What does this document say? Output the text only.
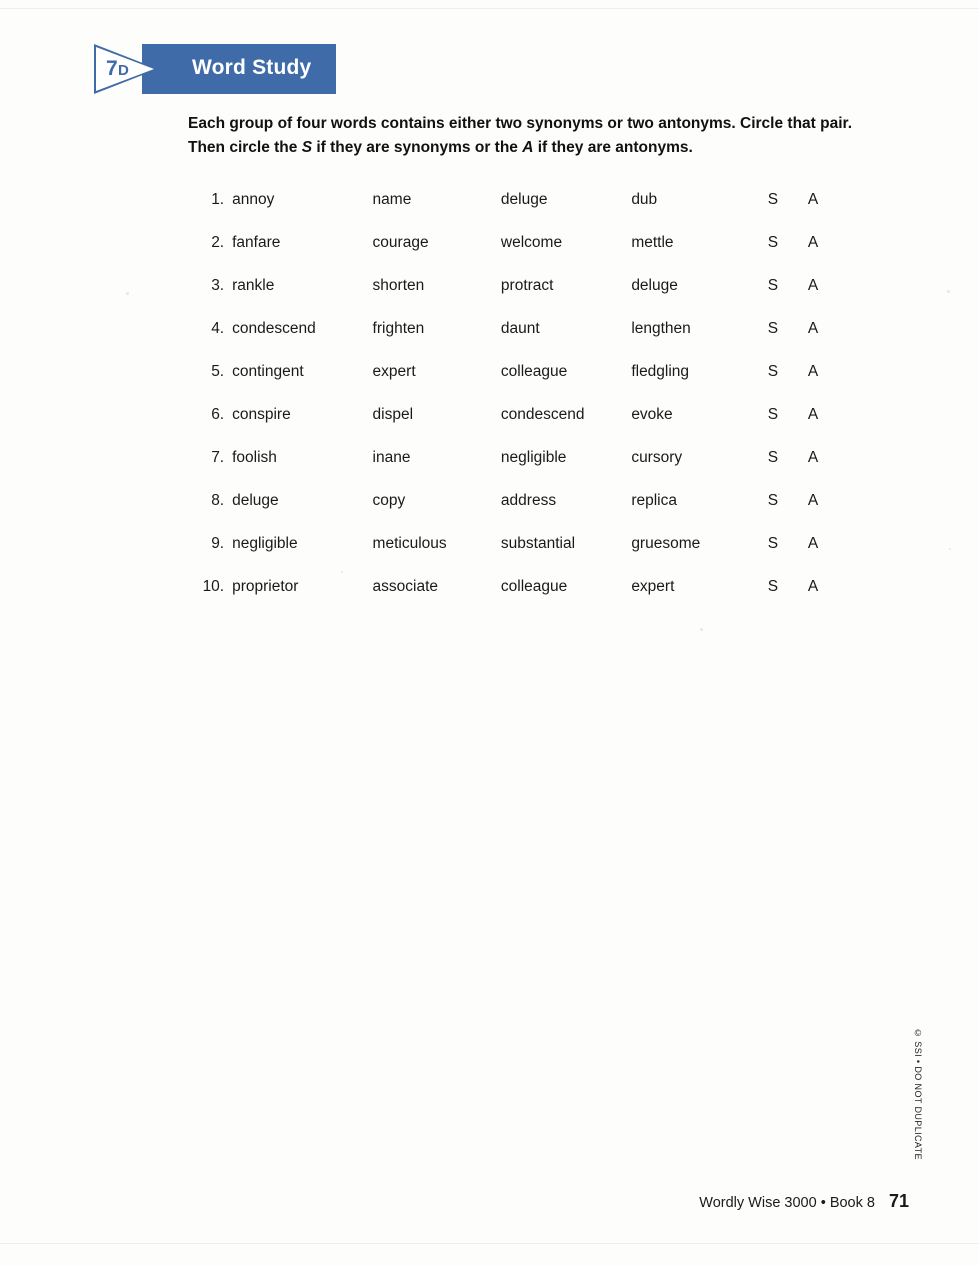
7D	Word Study
Each group of four words contains either two synonyms or two antonyms. Circle that pair. Then circle the S if they are synonyms or the A if they are antonyms.
1.	annoy	name	deluge	dub	S	A
2.	fanfare	courage	welcome	mettle	S	A
3.	rankle	shorten	protract	deluge	S	A
4.	condescend	frighten	daunt	lengthen	S	A
5.	contingent	expert	colleague	fledgling	S	A
6.	conspire	dispel	condescend	evoke	S	A
7.	foolish	inane	negligible	cursory	S	A
8.	deluge	copy	address	replica	S	A
9.	negligible	meticulous	substantial	gruesome	S	A
10.	proprietor	associate	colleague	expert	S	A
© SSI • DO NOT DUPLICATE
Wordly Wise 3000 • Book 8 71
